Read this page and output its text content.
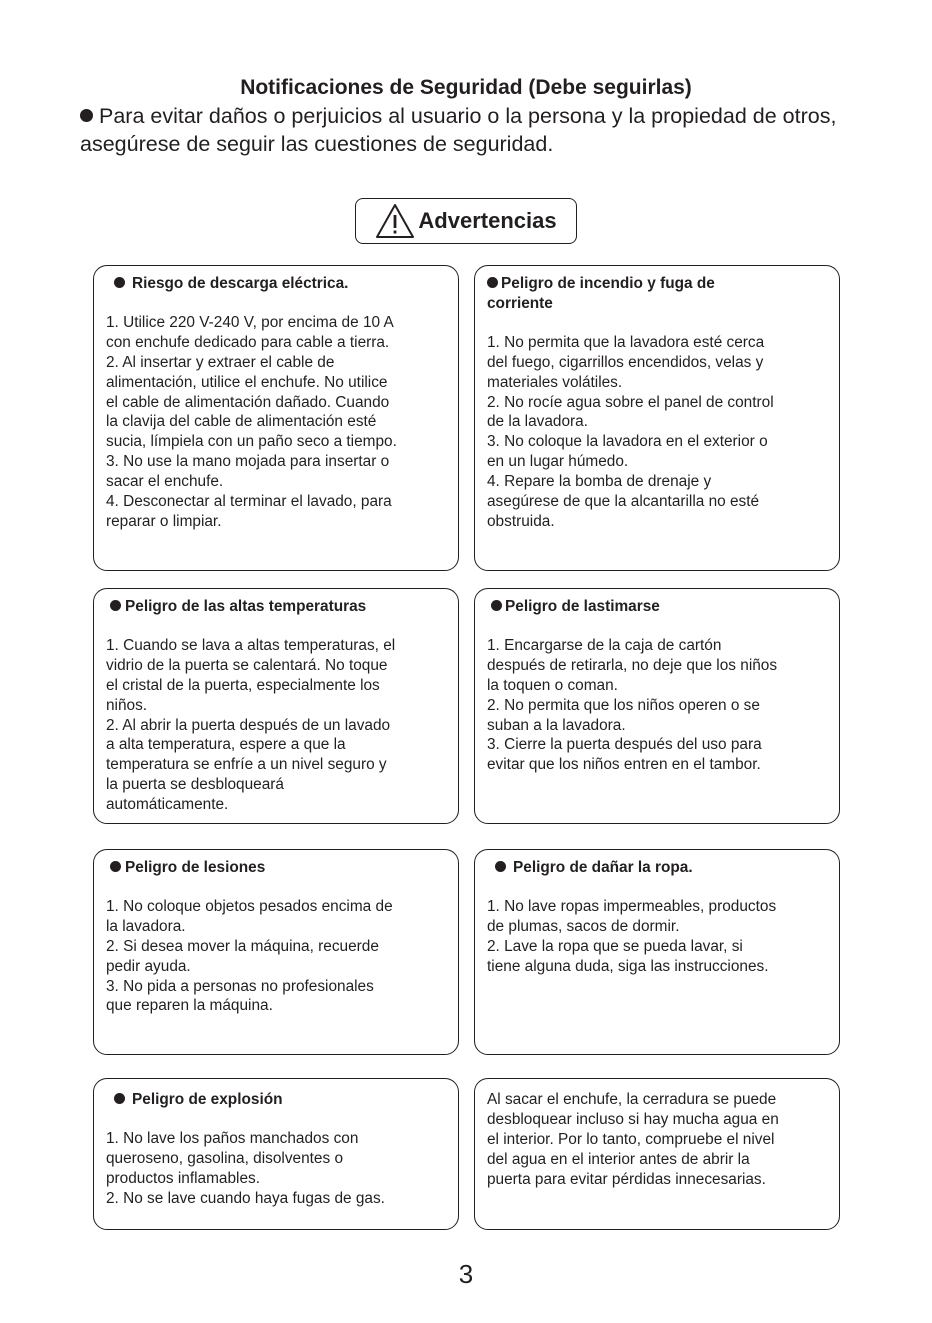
Notificaciones de Seguridad (Debe seguirlas)

Para evitar daños o perjuicios al usuario o la persona y la propiedad de otros, asegúrese de seguir las cuestiones de seguridad.

Advertencias
Riesgo de descarga eléctrica.
1. Utilice 220 V-240 V, por encima de 10 A
con enchufe dedicado para cable a tierra.
2. Al insertar y extraer el cable de
alimentación, utilice el enchufe. No utilice
el cable de alimentación dañado. Cuando
la clavija del cable de alimentación esté
sucia, límpiela con un paño seco a tiempo.
3. No use la mano mojada para insertar o
sacar el enchufe.
4. Desconectar al terminar el lavado, para
reparar o limpiar.
Peligro de incendio y fuga de
corriente
1. No permita que la lavadora esté cerca
del fuego, cigarrillos encendidos, velas y
materiales volátiles.
2. No rocíe agua sobre el panel de control
de la lavadora.
3. No coloque la lavadora en el exterior o
en un lugar húmedo.
4. Repare la bomba de drenaje y
asegúrese de que la alcantarilla no esté
obstruida.
Peligro de las altas temperaturas
1. Cuando se lava a altas temperaturas, el
vidrio de la puerta se calentará. No toque
el cristal de la puerta, especialmente los
niños.
2. Al abrir la puerta después de un lavado
a alta temperatura, espere a que la
temperatura se enfríe a un nivel seguro y
la puerta se desbloqueará
automáticamente.
Peligro de lastimarse
1. Encargarse de la caja de cartón
después de retirarla, no deje que los niños
la toquen o coman.
2. No permita que los niños operen o se
suban a la lavadora.
3. Cierre la puerta después del uso para
evitar que los niños entren en el tambor.
Peligro de lesiones
1. No coloque objetos pesados encima de
la lavadora.
2. Si desea mover la máquina, recuerde
pedir ayuda.
3. No pida a personas no profesionales
que reparen la máquina.
Peligro de dañar la ropa.
1. No lave ropas impermeables, productos
de plumas, sacos de dormir.
2. Lave la ropa que se pueda lavar, si
tiene alguna duda, siga las instrucciones.
Peligro de explosión
1. No lave los paños manchados con
queroseno, gasolina, disolventes o
productos inflamables.
2. No se lave cuando haya fugas de gas.
Al sacar el enchufe, la cerradura se puede
desbloquear incluso si hay mucha agua en
el interior. Por lo tanto, compruebe el nivel
del agua en el interior antes de abrir la
puerta para evitar pérdidas innecesarias.
3
